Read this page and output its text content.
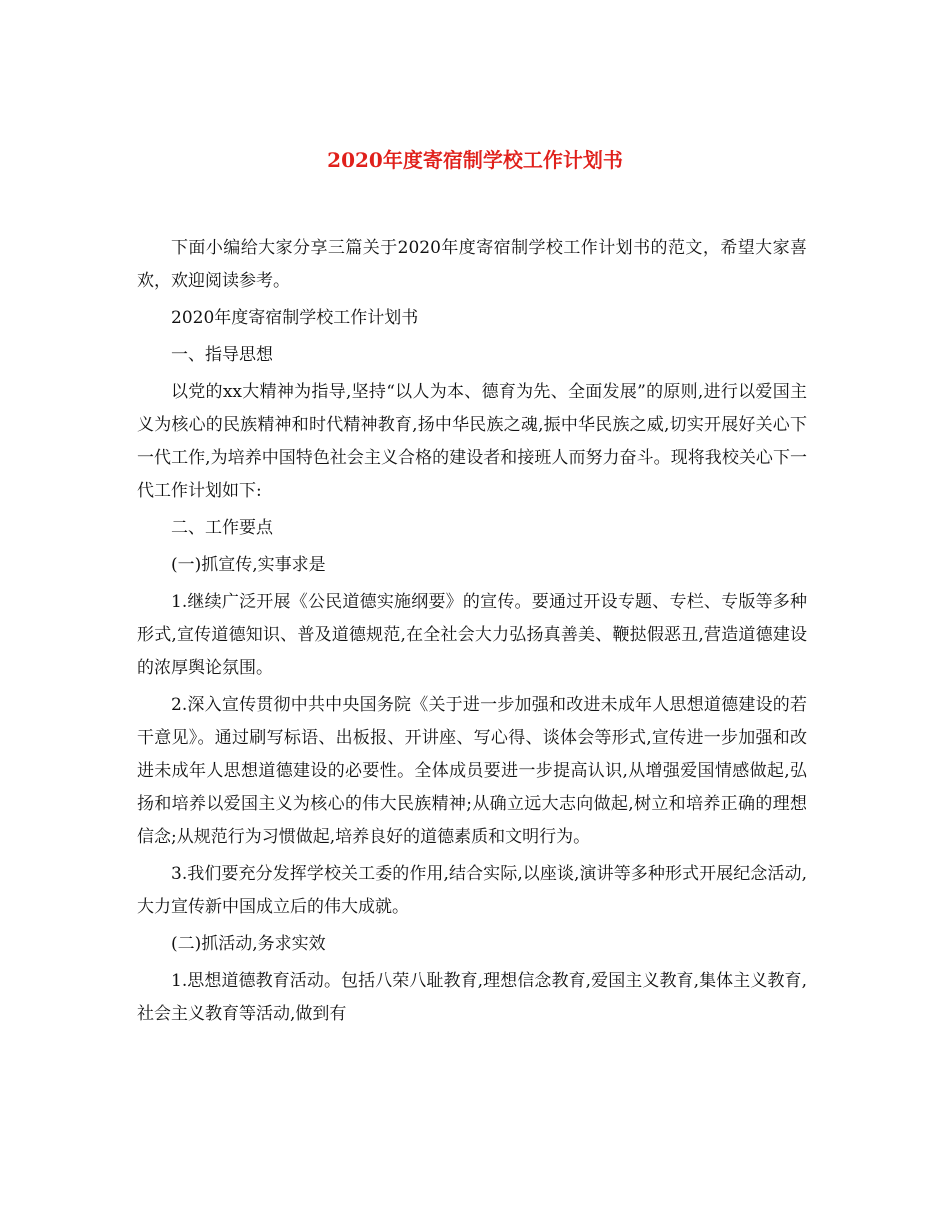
2020年度寄宿制学校工作计划书

下面小编给大家分享三篇关于2020年度寄宿制学校工作计划书的范文，希望大家喜欢，欢迎阅读参考。

2020年度寄宿制学校工作计划书

一、指导思想

以党的xx大精神为指导,坚持“以人为本、德育为先、全面发展”的原则,进行以爱国主义为核心的民族精神和时代精神教育,扬中华民族之魂,振中华民族之威,切实开展好关心下一代工作,为培养中国特色社会主义合格的建设者和接班人而努力奋斗。现将我校关心下一代工作计划如下:

二、工作要点

(一)抓宣传,实事求是

1.继续广泛开展《公民道德实施纲要》的宣传。要通过开设专题、专栏、专版等多种形式,宣传道德知识、普及道德规范,在全社会大力弘扬真善美、鞭挞假恶丑,营造道德建设的浓厚舆论氛围。

2.深入宣传贯彻中共中央国务院《关于进一步加强和改进未成年人思想道德建设的若干意见》。通过刷写标语、出板报、开讲座、写心得、谈体会等形式,宣传进一步加强和改进未成年人思想道德建设的必要性。全体成员要进一步提高认识,从增强爱国情感做起,弘扬和培养以爱国主义为核心的伟大民族精神;从确立远大志向做起,树立和培养正确的理想信念;从规范行为习惯做起,培养良好的道德素质和文明行为。

3.我们要充分发挥学校关工委的作用,结合实际,以座谈,演讲等多种形式开展纪念活动,大力宣传新中国成立后的伟大成就。

(二)抓活动,务求实效

1.思想道德教育活动。包括八荣八耻教育,理想信念教育,爱国主义教育,集体主义教育,社会主义教育等活动,做到有
